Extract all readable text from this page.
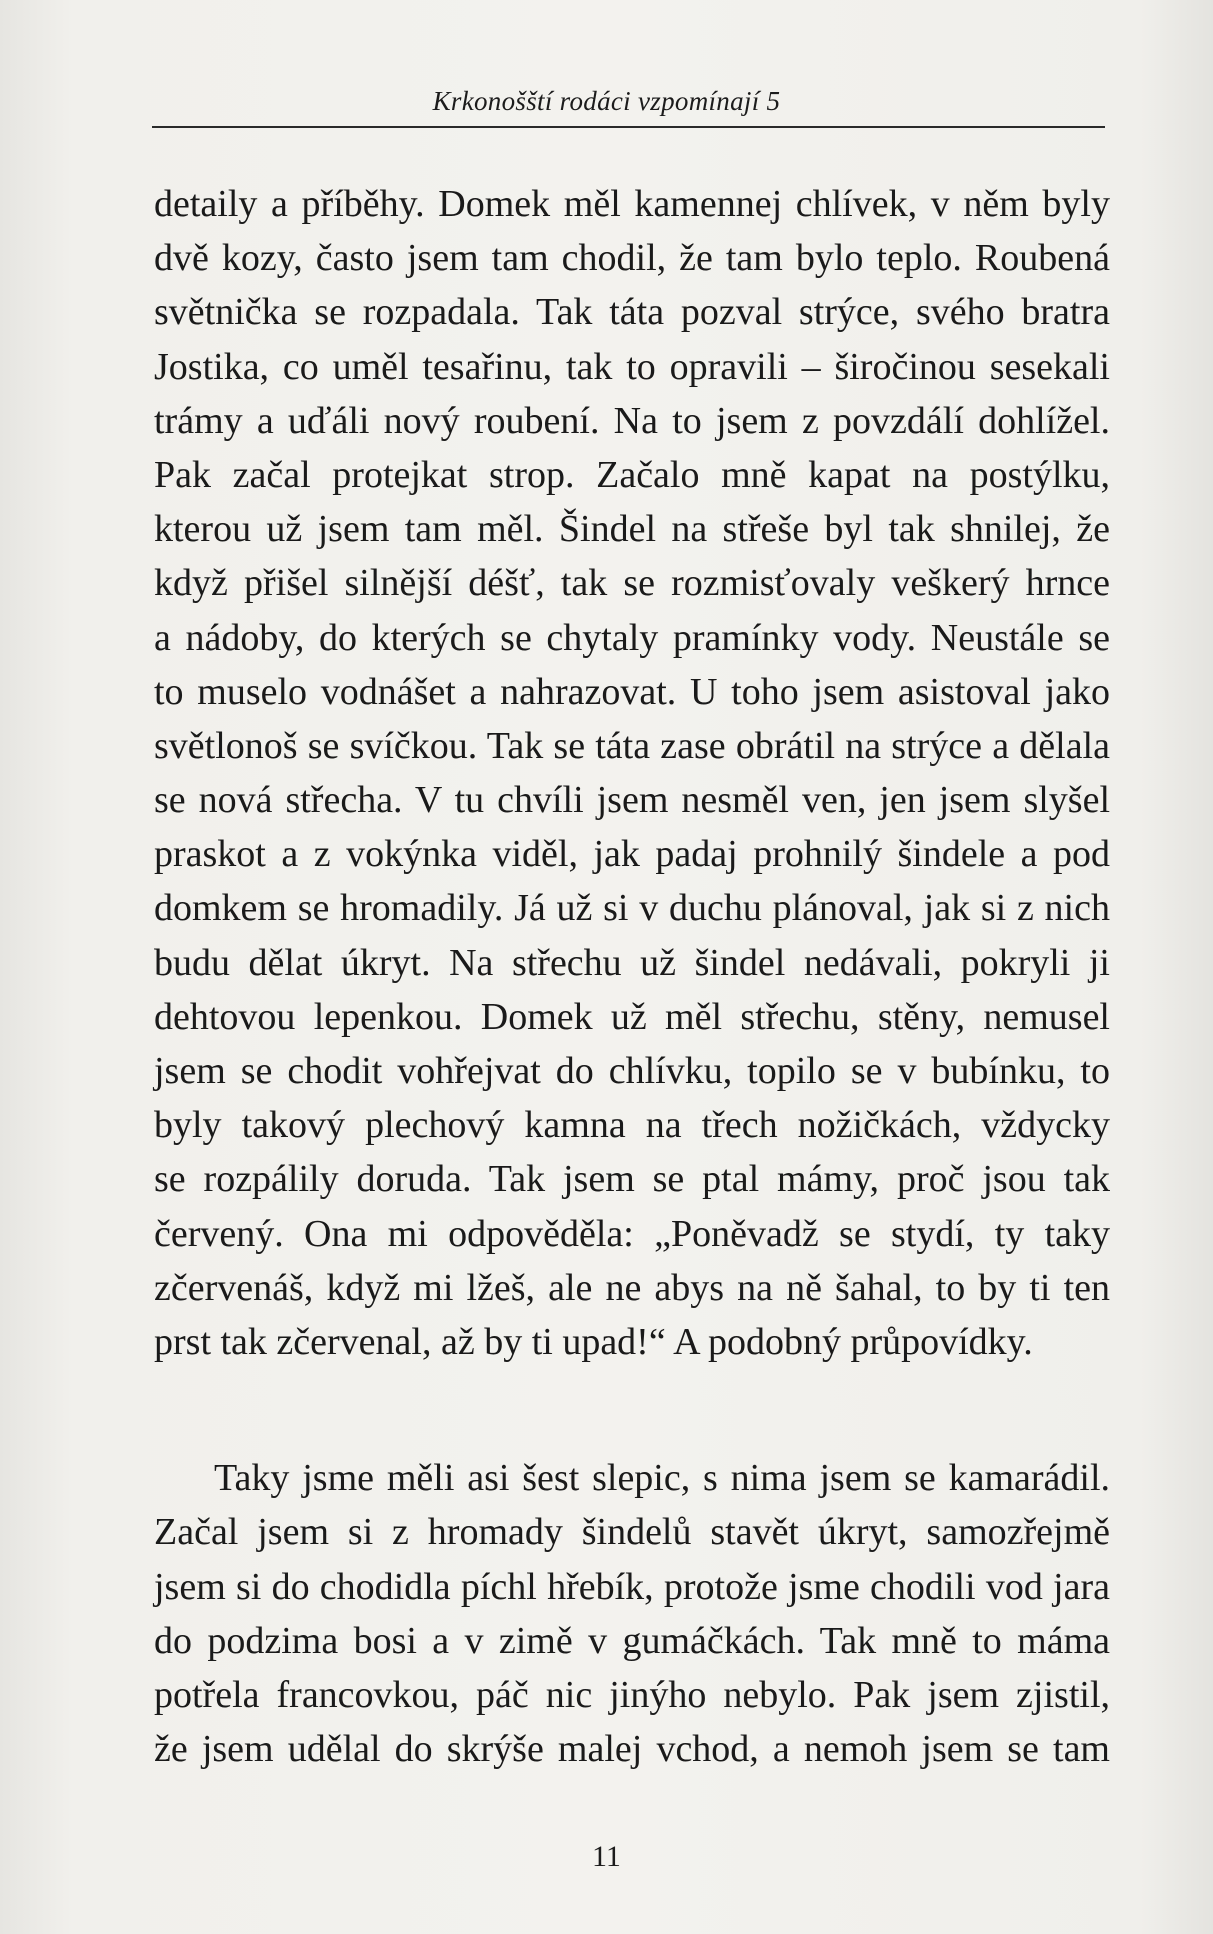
Krkonošští rodáci vzpomínají 5
detaily a příběhy. Domek měl kamennej chlívek, v něm byly
dvě kozy, často jsem tam chodil, že tam bylo teplo. Roubená
světnička se rozpadala. Tak táta pozval strýce, svého bratra
Jostika, co uměl tesařinu, tak to opravili – širočinou sesekali
trámy a uďáli nový roubení. Na to jsem z povzdálí dohlížel.
Pak začal protejkat strop. Začalo mně kapat na postýlku,
kterou už jsem tam měl. Šindel na střeše byl tak shnilej, že
když přišel silnější déšť, tak se rozmisťovaly veškerý hrnce
a nádoby, do kterých se chytaly pramínky vody. Neustále se
to muselo vodnášet a nahrazovat. U toho jsem asistoval jako
světlonoš se svíčkou. Tak se táta zase obrátil na strýce a dělala
se nová střecha. V tu chvíli jsem nesměl ven, jen jsem slyšel
praskot a z vokýnka viděl, jak padaj prohnilý šindele a pod
domkem se hromadily. Já už si v duchu plánoval, jak si z nich
budu dělat úkryt. Na střechu už šindel nedávali, pokryli ji
dehtovou lepenkou. Domek už měl střechu, stěny, nemusel
jsem se chodit vohřejvat do chlívku, topilo se v bubínku, to
byly takový plechový kamna na třech nožičkách, vždycky
se rozpálily doruda. Tak jsem se ptal mámy, proč jsou tak
červený. Ona mi odpověděla: „Poněvadž se stydí, ty taky
zčervenáš, když mi lžeš, ale ne abys na ně šahal, to by ti ten
prst tak zčervenal, až by ti upad!“ A podobný průpovídky.
Taky jsme měli asi šest slepic, s nima jsem se kamarádil.
Začal jsem si z hromady šindelů stavět úkryt, samozřejmě
jsem si do chodidla píchl hřebík, protože jsme chodili vod jara
do podzima bosi a v zimě v gumáčkách. Tak mně to máma
potřela francovkou, páč nic jinýho nebylo. Pak jsem zjistil,
že jsem udělal do skrýše malej vchod, a nemoh jsem se tam
11
